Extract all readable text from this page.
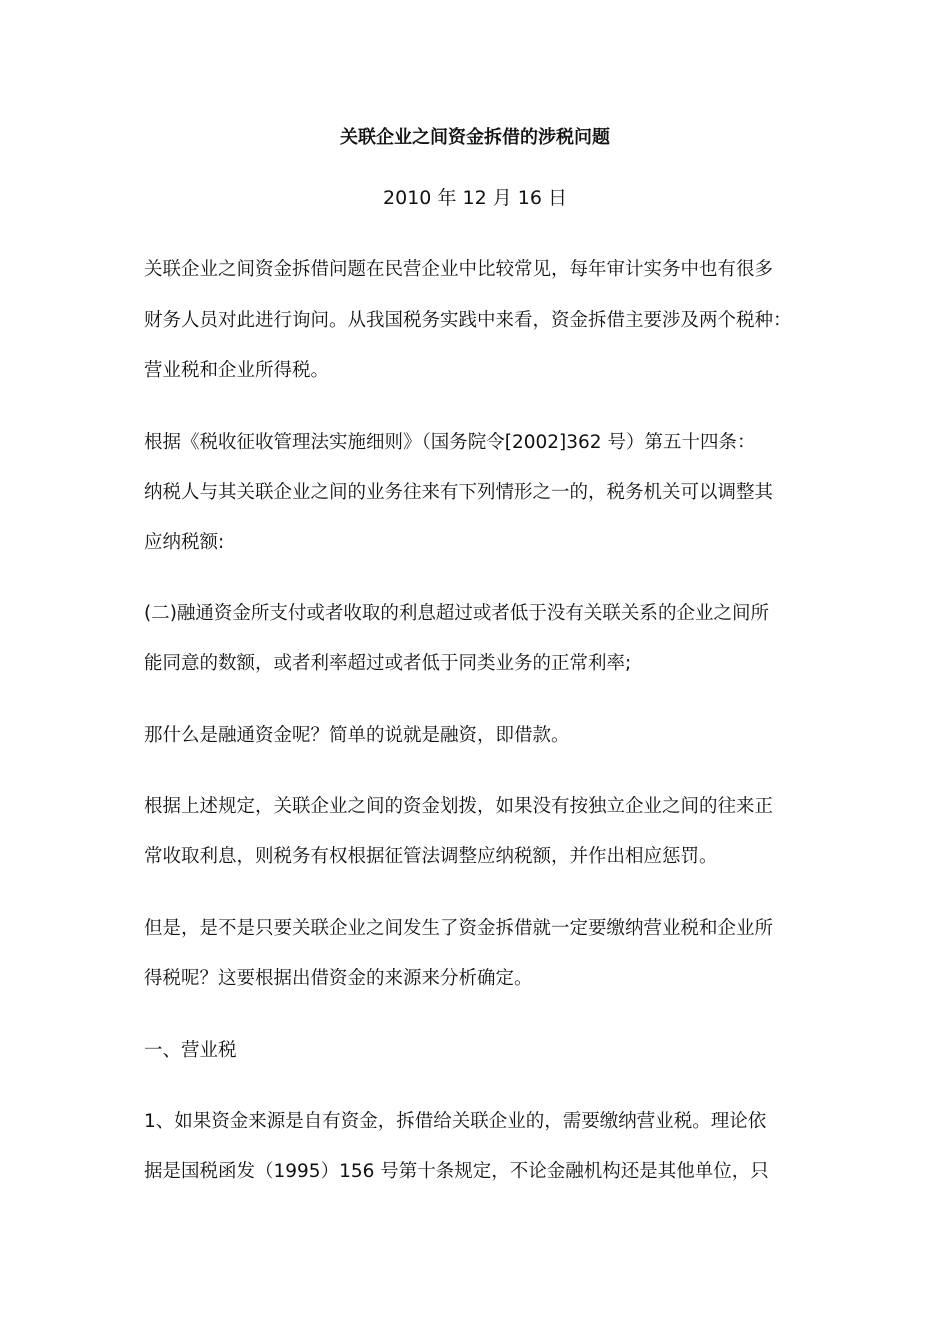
关联企业之间资金拆借的涉税问题
2010 年 12 月 16 日
关联企业之间资金拆借问题在民营企业中比较常见，每年审计实务中也有很多
财务人员对此进行询问。从我国税务实践中来看，资金拆借主要涉及两个税种：
营业税和企业所得税。
根据《税收征收管理法实施细则》（国务院令[2002]362 号）第五十四条：
纳税人与其关联企业之间的业务往来有下列情形之一的，税务机关可以调整其
应纳税额:
(二)融通资金所支付或者收取的利息超过或者低于没有关联关系的企业之间所
能同意的数额，或者利率超过或者低于同类业务的正常利率;
那什么是融通资金呢？简单的说就是融资，即借款。
根据上述规定，关联企业之间的资金划拨，如果没有按独立企业之间的往来正
常收取利息，则税务有权根据征管法调整应纳税额，并作出相应惩罚。
但是，是不是只要关联企业之间发生了资金拆借就一定要缴纳营业税和企业所
得税呢？这要根据出借资金的来源来分析确定。
一、营业税
1、如果资金来源是自有资金，拆借给关联企业的，需要缴纳营业税。理论依
据是国税函发（1995）156 号第十条规定，不论金融机构还是其他单位，只
